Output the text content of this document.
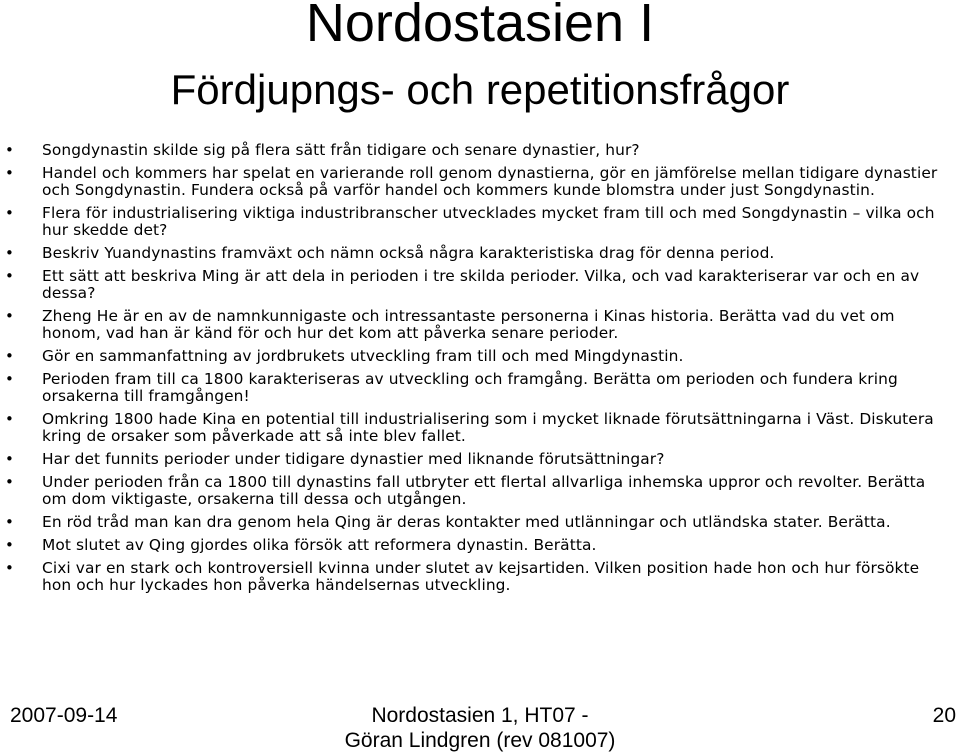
Nordostasien I
Fördjupngs- och repetitionsfrågor
• Songdynastin skilde sig på flera sätt från tidigare och senare dynastier, hur?
• Handel och kommers har spelat en varierande roll genom dynastierna, gör en jämförelse mellan tidigare dynastier och Songdynastin. Fundera också på varför handel och kommers kunde blomstra under just Songdynastin.
• Flera för industrialisering viktiga industribranscher utvecklades mycket fram till och med Songdynastin – vilka och hur skedde det?
• Beskriv Yuandynastins framväxt och nämn också några karakteristiska drag för denna period.
• Ett sätt att beskriva Ming är att dela in perioden i tre skilda perioder. Vilka, och vad karakteriserar var och en av dessa?
• Zheng He är en av de namnkunnigaste och intressantaste personerna i Kinas historia. Berätta vad du vet om honom, vad han är känd för och hur det kom att påverka senare perioder.
• Gör en sammanfattning av jordbrukets utveckling fram till och med Mingdynastin.
• Perioden fram till ca 1800 karakteriseras av utveckling och framgång. Berätta om perioden och fundera kring orsakerna till framgången!
• Omkring 1800 hade Kina en potential till industrialisering som i mycket liknade förutsättningarna i Väst. Diskutera kring de orsaker som påverkade att så inte blev fallet.
• Har det funnits perioder under tidigare dynastier med liknande förutsättningar?
• Under perioden från ca 1800 till dynastins fall utbryter ett flertal allvarliga inhemska uppror och revolter. Berätta om dom viktigaste, orsakerna till dessa och utgången.
• En röd tråd man kan dra genom hela Qing är deras kontakter med utlänningar och utländska stater. Berätta.
• Mot slutet av Qing gjordes olika försök att reformera dynastin. Berätta.
• Cixi var en stark och kontroversiell kvinna under slutet av kejsartiden. Vilken position hade hon och hur försökte hon och hur lyckades hon påverka händelsernas utveckling.
2007-09-14	Nordostasien 1, HT07 -
Göran Lindgren (rev 081007)
20
